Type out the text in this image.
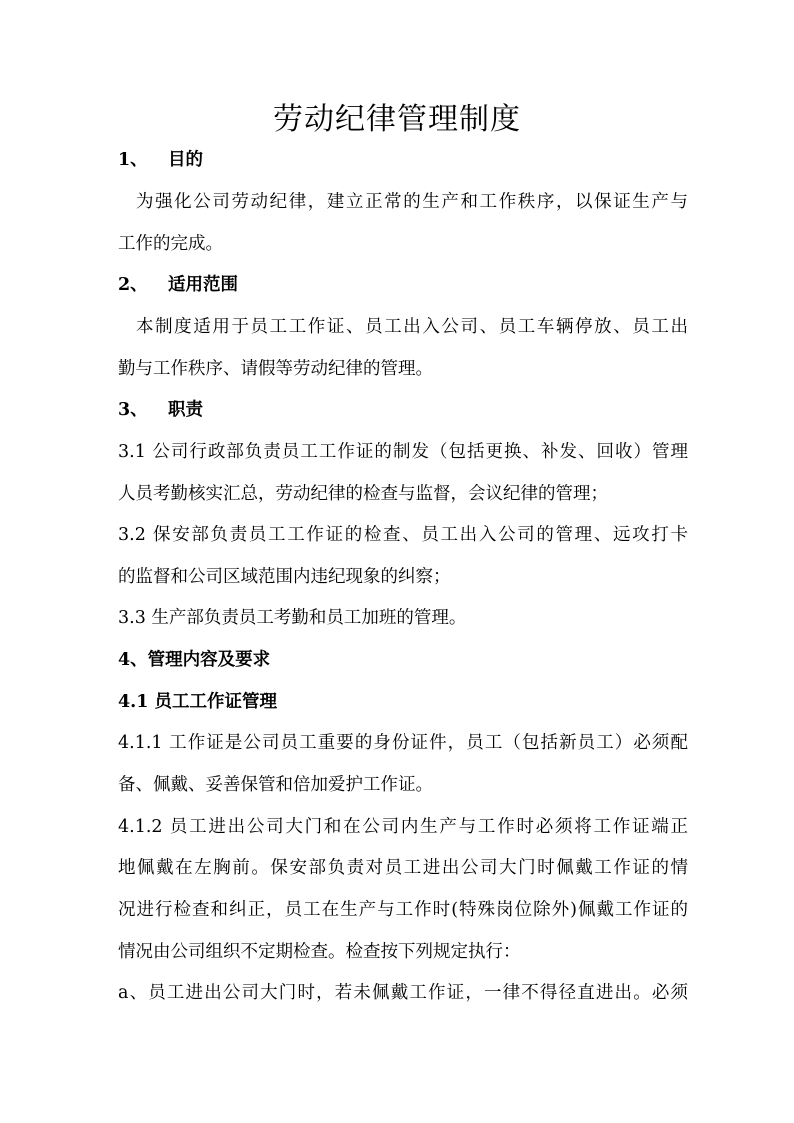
劳动纪律管理制度
1、 目的
为强化公司劳动纪律，建立正常的生产和工作秩序，以保证生产与
工作的完成。
2、 适用范围
本制度适用于员工工作证、员工出入公司、员工车辆停放、员工出
勤与工作秩序、请假等劳动纪律的管理。
3、 职责
3.1 公司行政部负责员工工作证的制发（包括更换、补发、回收）管理
人员考勤核实汇总，劳动纪律的检查与监督，会议纪律的管理；
3.2 保安部负责员工工作证的检查、员工出入公司的管理、远攻打卡
的监督和公司区域范围内违纪现象的纠察；
3.3 生产部负责员工考勤和员工加班的管理。
4、管理内容及要求
4.1 员工工作证管理
4.1.1 工作证是公司员工重要的身份证件，员工（包括新员工）必须配
备、佩戴、妥善保管和倍加爱护工作证。
4.1.2 员工进出公司大门和在公司内生产与工作时必须将工作证端正
地佩戴在左胸前。保安部负责对员工进出公司大门时佩戴工作证的情
况进行检查和纠正，员工在生产与工作时(特殊岗位除外)佩戴工作证的
情况由公司组织不定期检查。检查按下列规定执行：
a、员工进出公司大门时，若未佩戴工作证，一律不得径直进出。必须
